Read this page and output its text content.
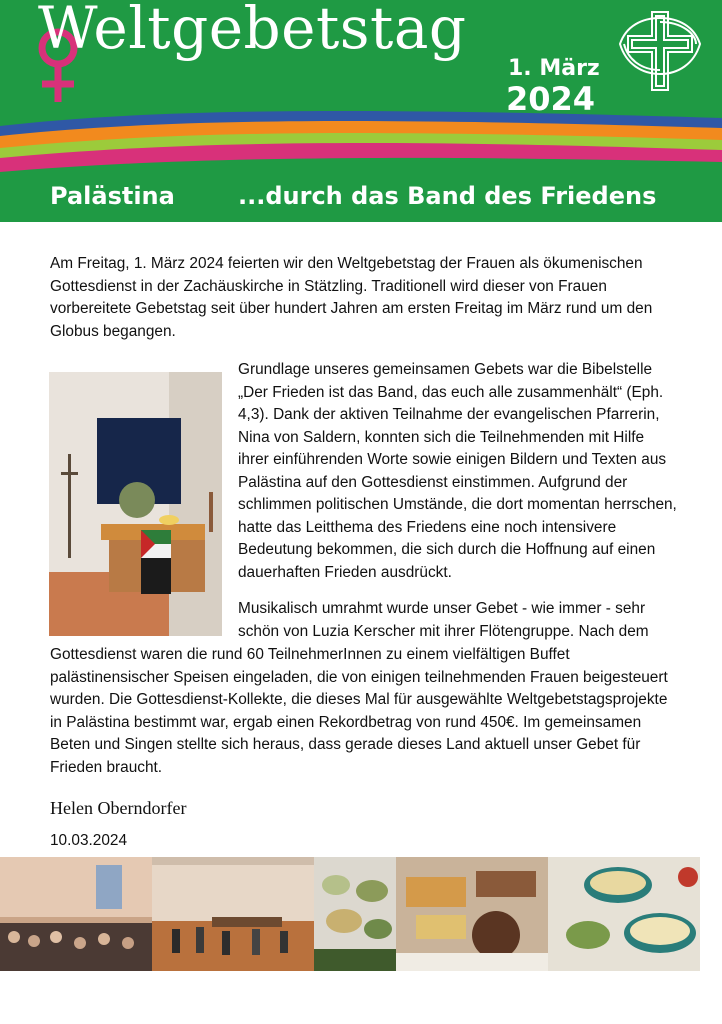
Weltgebetstag
1. März
2024
Palästina	...durch das Band des Friedens
Am Freitag, 1. März 2024 feierten wir den Weltgebetstag der Frauen als ökumenischen Gottesdienst in der Zachäuskirche in Stätzling. Traditionell wird dieser von Frauen vorbereitete Gebetstag seit über hundert Jahren am ersten Freitag im März rund um den Globus begangen.
Grundlage unseres gemeinsamen Gebets war die Bibelstelle „Der Frieden ist das Band, das euch alle zusammenhält“ (Eph. 4,3). Dank der aktiven Teilnahme der evangelischen Pfarrerin, Nina von Saldern, konnten sich die Teilnehmenden mit Hilfe ihrer einführenden Worte sowie einigen Bildern und Texten aus Palästina auf den Gottesdienst einstimmen. Aufgrund der schlimmen politischen Umstände, die dort momentan herrschen, hatte das Leitthema des Friedens eine noch intensivere Bedeutung bekommen, die sich durch die Hoffnung auf einen dauerhaften Frieden ausdrückt.
Musikalisch umrahmt wurde unser Gebet - wie immer - sehr schön von Luzia Kerscher mit ihrer Flötengruppe. Nach dem
Gottesdienst waren die rund 60 TeilnehmerInnen zu einem vielfältigen Buffet palästinensischer Speisen eingeladen, die von einigen teilnehmenden Frauen beigesteuert wurden. Die Gottesdienst-Kollekte, die dieses Mal für ausgewählte Weltgebetstagsprojekte in Palästina bestimmt war, ergab einen Rekordbetrag von rund 450€. Im gemeinsamen Beten und Singen stellte sich heraus, dass gerade dieses Land aktuell unser Gebet für Frieden braucht.
Helen Oberndorfer
10.03.2024
